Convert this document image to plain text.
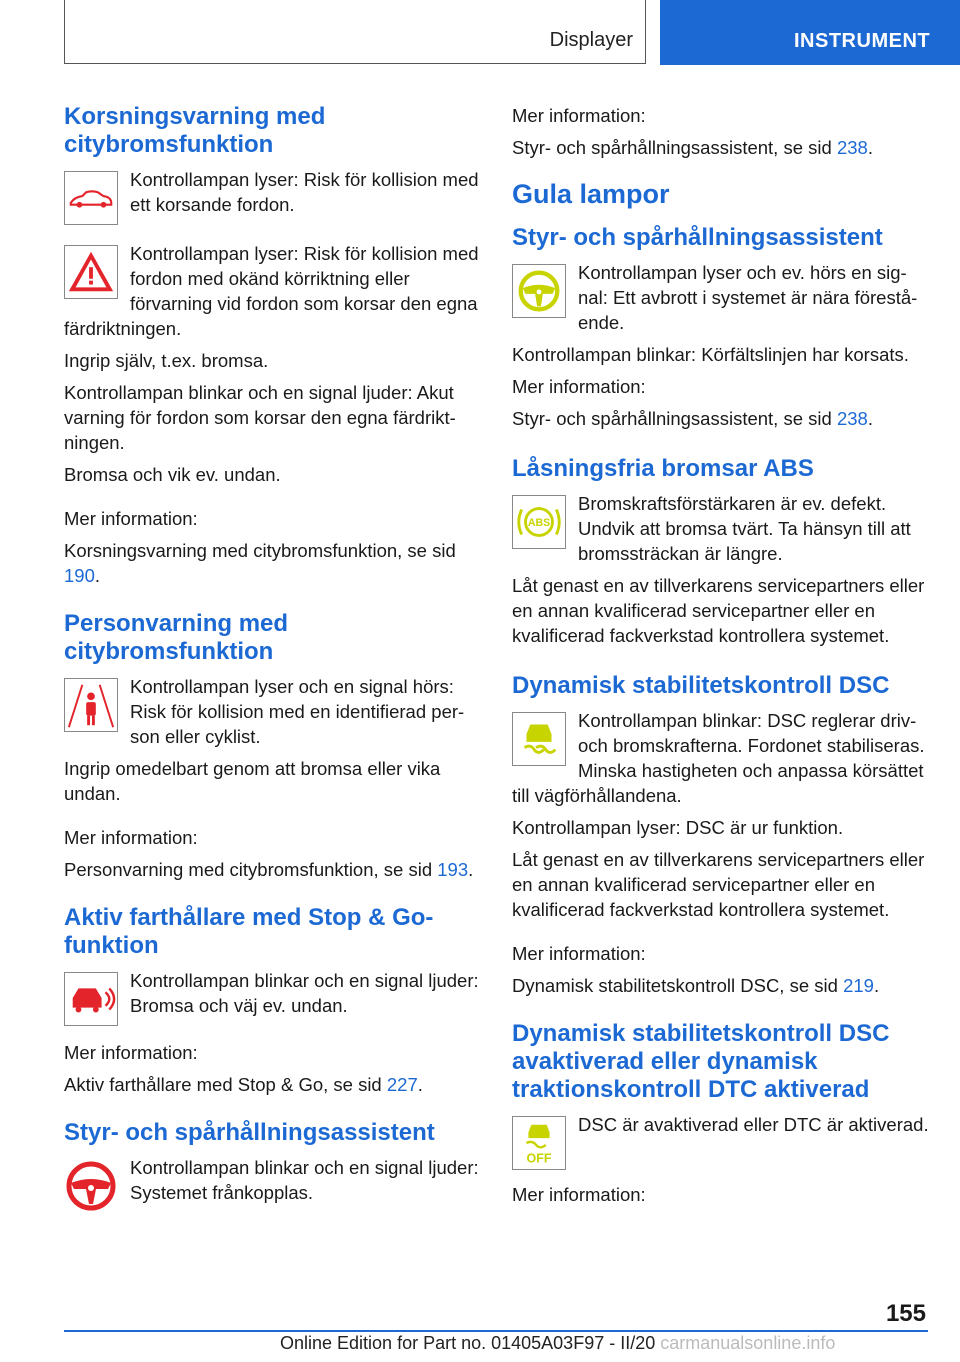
Displayer	INSTRUMENT
Korsningsvarning med citybromsfunktion
Kontrollampan lyser: Risk för kollision med ett korsande fordon.
Kontrollampan lyser: Risk för kollision med fordon med okänd körriktning eller förvarning vid fordon som korsar den egna färdriktningen.
Ingrip själv, t.ex. bromsa.
Kontrollampan blinkar och en signal ljuder: Akut varning för fordon som korsar den egna färdriktningen.
Bromsa och vik ev. undan.
Mer information:
Korsningsvarning med citybromsfunktion, se sid 190.
Personvarning med citybromsfunktion
Kontrollampan lyser och en signal hörs: Risk för kollision med en identifierad person eller cyklist.
Ingrip omedelbart genom att bromsa eller vika undan.
Mer information:
Personvarning med citybromsfunktion, se sid 193.
Aktiv farthållare med Stop & Go-funktion
Kontrollampan blinkar och en signal ljuder: Bromsa och väj ev. undan.
Mer information:
Aktiv farthållare med Stop & Go, se sid 227.
Styr- och spårhållningsassistent
Kontrollampan blinkar och en signal ljuder: Systemet frånkopplas.
Mer information:
Styr- och spårhållningsassistent, se sid 238.
Gula lampor
Styr- och spårhållningsassistent
Kontrollampan lyser och ev. hörs en signal: Ett avbrott i systemet är nära förestående.
Kontrollampan blinkar: Körfältslinjen har korsats.
Mer information:
Styr- och spårhållningsassistent, se sid 238.
Låsningsfria bromsar ABS
ABS
Bromskraftsförstärkaren är ev. defekt. Undvik att bromsa tvärt. Ta hänsyn till att bromssträckan är längre.
Låt genast en av tillverkarens servicepartners eller en annan kvalificerad servicepartner eller en kvalificerad fackverkstad kontrollera systemet.
Dynamisk stabilitetskontroll DSC
Kontrollampan blinkar: DSC reglerar driv- och bromskrafterna. Fordonet stabiliseras. Minska hastigheten och anpassa körsättet till vägförhållandena.
Kontrollampan lyser: DSC är ur funktion.
Låt genast en av tillverkarens servicepartners eller en annan kvalificerad servicepartner eller en kvalificerad fackverkstad kontrollera systemet.
Mer information:
Dynamisk stabilitetskontroll DSC, se sid 219.
Dynamisk stabilitetskontroll DSC avaktiverad eller dynamisk traktionskontroll DTC aktiverad
OFF
DSC är avaktiverad eller DTC är aktiverad.
Mer information:
155
Online Edition for Part no. 01405A03F97 - II/20 carmanualsonline.info
